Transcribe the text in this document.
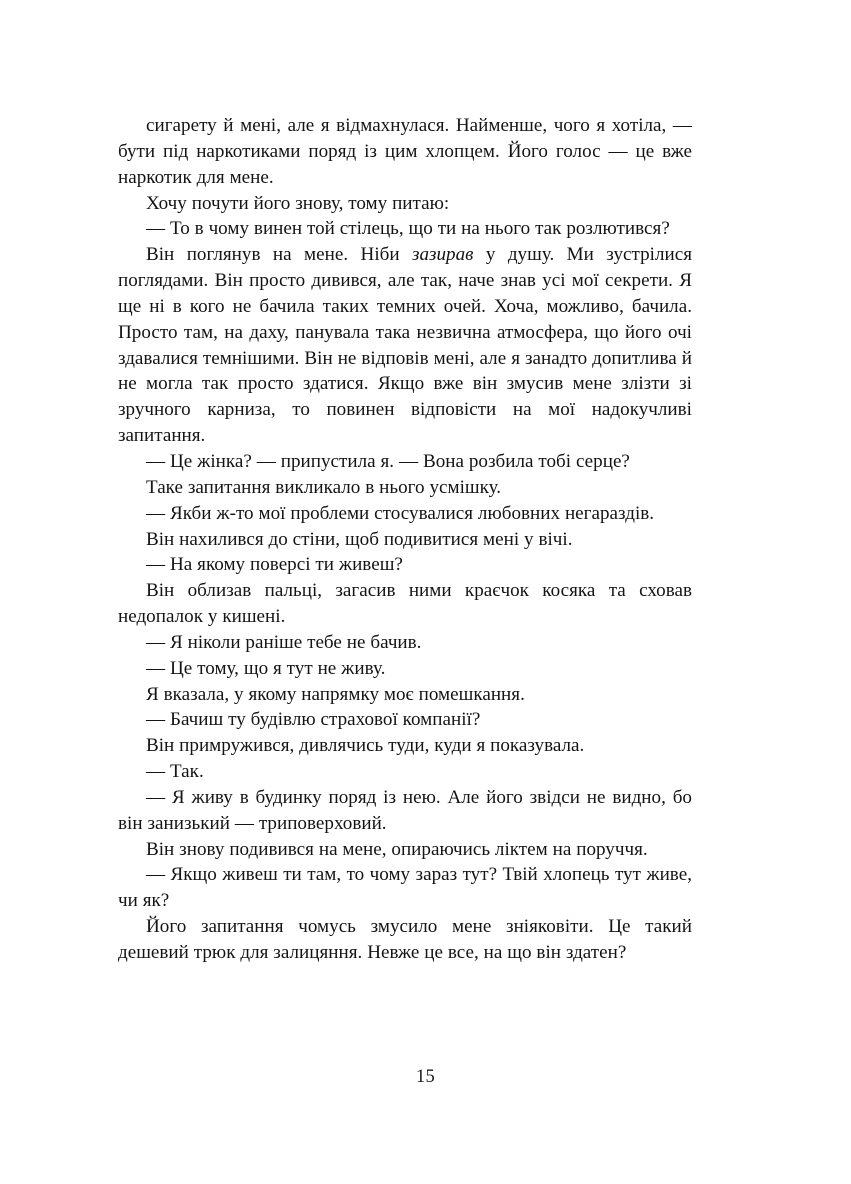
сигарету й мені, але я відмахнулася. Найменше, чого я хотіла, — бути під наркотиками поряд із цим хлопцем. Його голос — це вже наркотик для мене.

Хочу почути його знову, тому питаю:

— То в чому винен той стілець, що ти на нього так розлютився?

Він поглянув на мене. Ніби зазирав у душу. Ми зустрілися поглядами. Він просто дивився, але так, наче знав усі мої секрети. Я ще ні в кого не бачила таких темних очей. Хоча, можливо, бачила. Просто там, на даху, панувала така незвична атмосфера, що його очі здавалися темнішими. Він не відповів мені, але я занадто допитлива й не могла так просто здатися. Якщо вже він змусив мене злізти зі зручного карниза, то повинен відповісти на мої надокучливі запитання.

— Це жінка? — припустила я. — Вона розбила тобі серце?

Таке запитання викликало в нього усмішку.

— Якби ж-то мої проблеми стосувалися любовних негараздів.

Він нахилився до стіни, щоб подивитися мені у вічі.

— На якому поверсі ти живеш?

Він облизав пальці, загасив ними краєчок косяка та сховав недопалок у кишені.

— Я ніколи раніше тебе не бачив.

— Це тому, що я тут не живу.

Я вказала, у якому напрямку моє помешкання.

— Бачиш ту будівлю страхової компанії?

Він примружився, дивлячись туди, куди я показувала.

— Так.

— Я живу в будинку поряд із нею. Але його звідси не видно, бо він занизький — триповерховий.

Він знову подивився на мене, опираючись ліктем на поруччя.

— Якщо живеш ти там, то чому зараз тут? Твій хлопець тут живе, чи як?

Його запитання чомусь змусило мене зніяковіти. Це такий дешевий трюк для залицяння. Невже це все, на що він здатен?

15
